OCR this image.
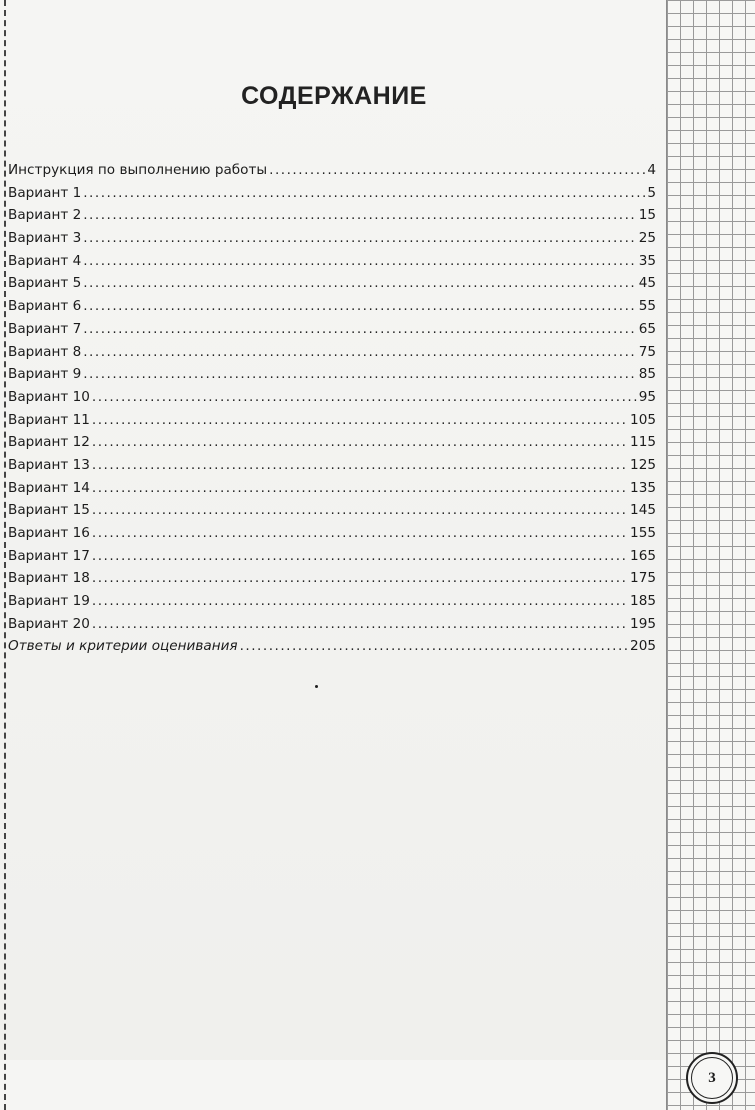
СОДЕРЖАНИЕ
Инструкция по выполнению работы .....	4
Вариант 1 .....	5
Вариант 2 .....	15
Вариант 3 .....	25
Вариант 4 .....	35
Вариант 5 .....	45
Вариант 6 .....	55
Вариант 7 .....	65
Вариант 8 .....	75
Вариант 9 .....	85
Вариант 10 .....	95
Вариант 11 .....	105
Вариант 12 .....	115
Вариант 13 .....	125
Вариант 14 .....	135
Вариант 15 .....	145
Вариант 16 .....	155
Вариант 17 .....	165
Вариант 18 .....	175
Вариант 19 .....	185
Вариант 20 .....	195
Ответы и критерии оценивания .....	205
3
